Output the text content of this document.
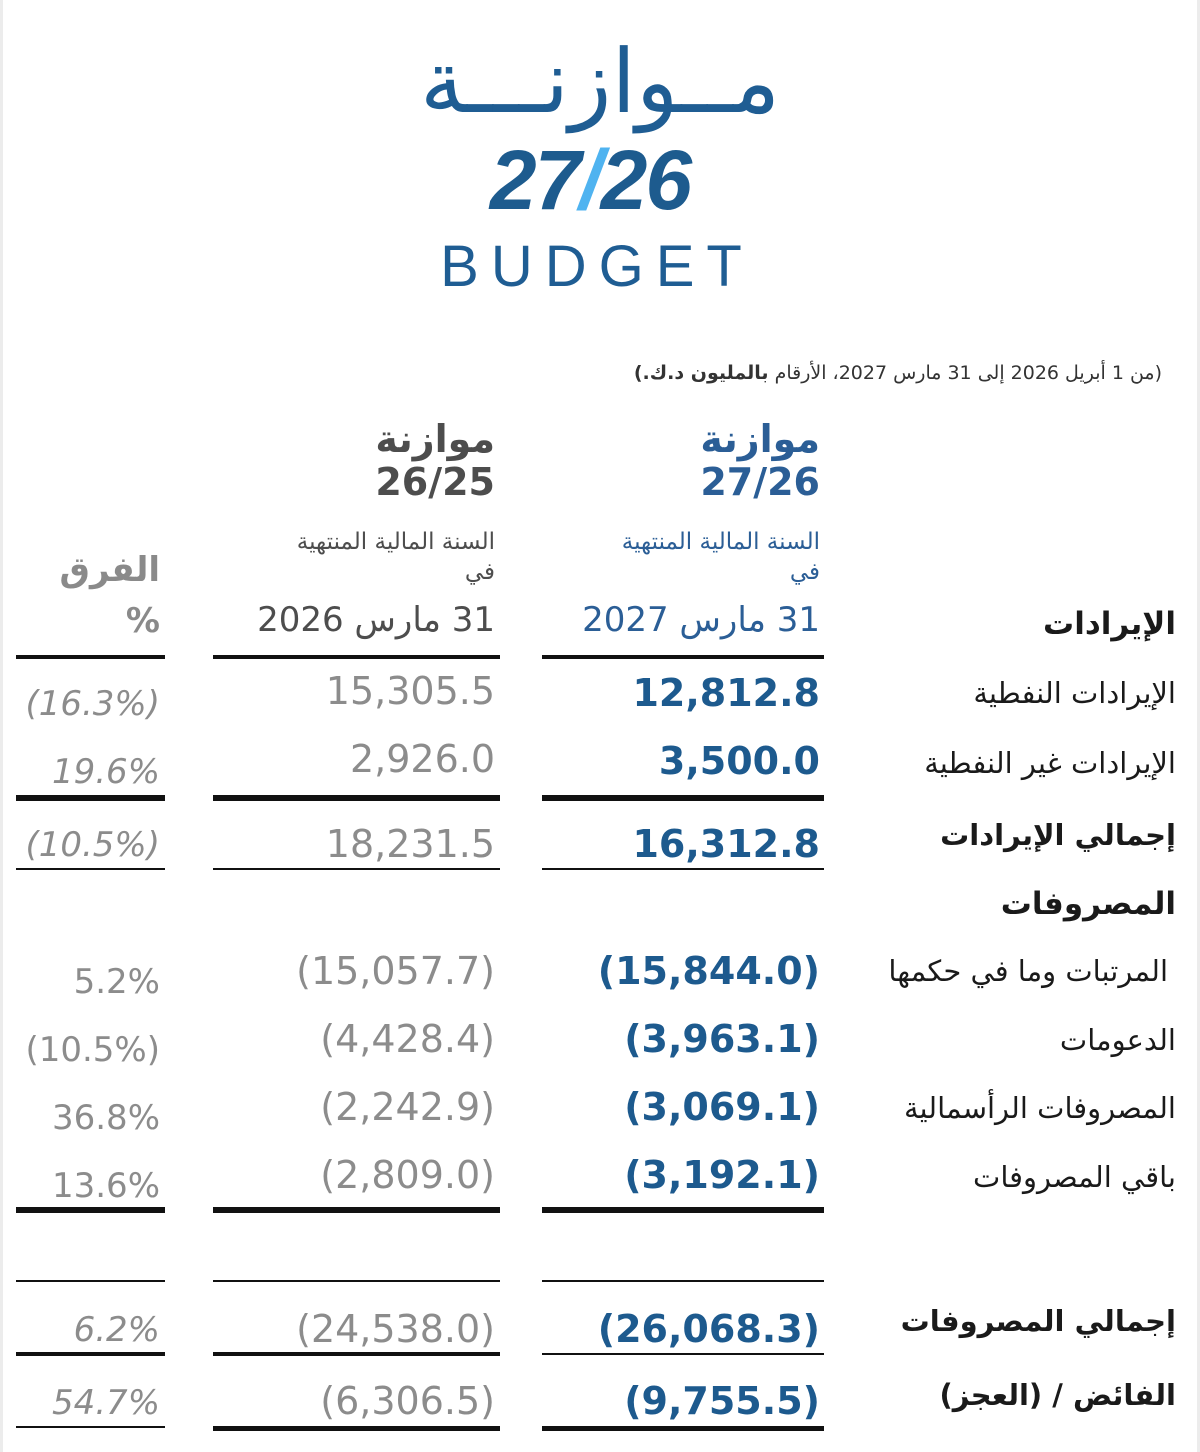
مــوازنـــة
27/26
BUDGET
(من 1 أبريل 2026 إلى 31 مارس 2027، الأرقام بالمليون د.ك.)
موازنة
27/26
السنة المالية المنتهية
في
31 مارس 2027
موازنة
26/25
السنة المالية المنتهية
في
31 مارس 2026
الفرق
%	الإيرادات
الإيرادات النفطية
12,812.8
15,305.5
(16.3%)
الإيرادات غير النفطية
3,500.0
2,926.0
19.6%
إجمالي الإيرادات
16,312.8
18,231.5
(10.5%)
المصروفات
المرتبات وما في حكمها
(15,844.0)
(15,057.7)
5.2%
الدعومات
(3,963.1)
(4,428.4)
(10.5%)
المصروفات الرأسمالية
(3,069.1)
(2,242.9)
36.8%
باقي المصروفات
(3,192.1)
(2,809.0)
13.6%
إجمالي المصروفات
(26,068.3)
(24,538.0)
6.2%
الفائض / (العجز)
(9,755.5)
(6,306.5)
54.7%
